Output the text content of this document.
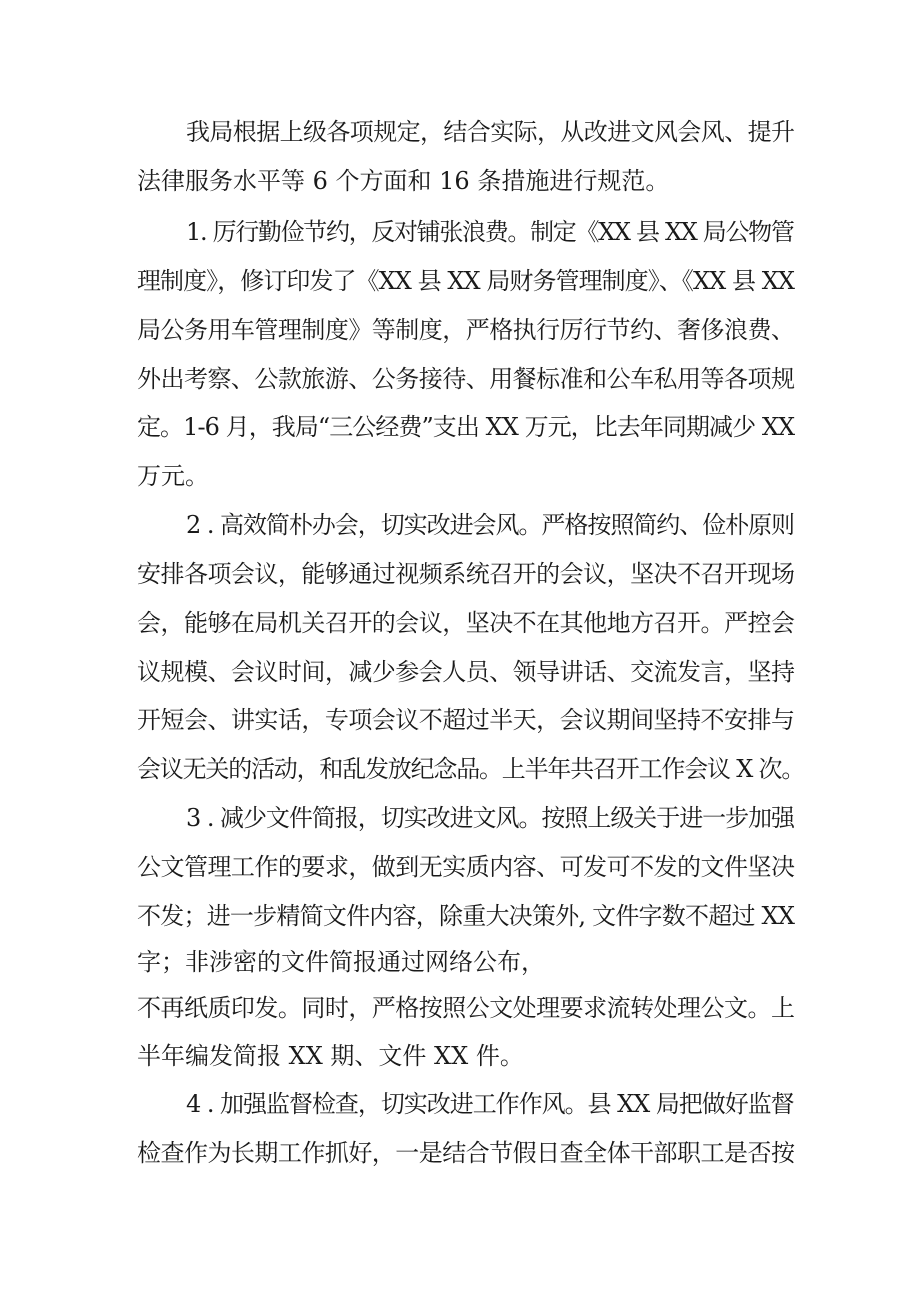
我局根据上级各项规定，结合实际，从改进文风会风、提升
法律服务水平等 6 个方面和 16 条措施进行规范。
1. 厉行勤俭节约，反对铺张浪费。制定《XX 县 XX 局公物管
理制度》，修订印发了《XX 县 XX 局财务管理制度》、《XX 县 XX
局公务用车管理制度》等制度，严格执行厉行节约、奢侈浪费、
外出考察、公款旅游、公务接待、用餐标准和公车私用等各项规
定。1-6 月，我局“三公经费”支出 XX 万元，比去年同期减少 XX
万元。
2 . 高效简朴办会，切实改进会风。严格按照简约、俭朴原则
安排各项会议，能够通过视频系统召开的会议，坚决不召开现场
会，能够在局机关召开的会议，坚决不在其他地方召开。严控会
议规模、会议时间，减少参会人员、领导讲话、交流发言，坚持
开短会、讲实话，专项会议不超过半天，会议期间坚持不安排与
会议无关的活动，和乱发放纪念品。上半年共召开工作会议 X 次。
3 . 减少文件简报，切实改进文风。按照上级关于进一步加强
公文管理工作的要求，做到无实质内容、可发可不发的文件坚决
不发；进一步精简文件内容，除重大决策外, 文件字数不超过 XX
字；非涉密的文件简报通过网络公布，
不再纸质印发。同时，严格按照公文处理要求流转处理公文。上
半年编发简报 XX 期、文件 XX 件。
4 . 加强监督检查，切实改进工作作风。县 XX 局把做好监督
检查作为长期工作抓好，一是结合节假日查全体干部职工是否按
